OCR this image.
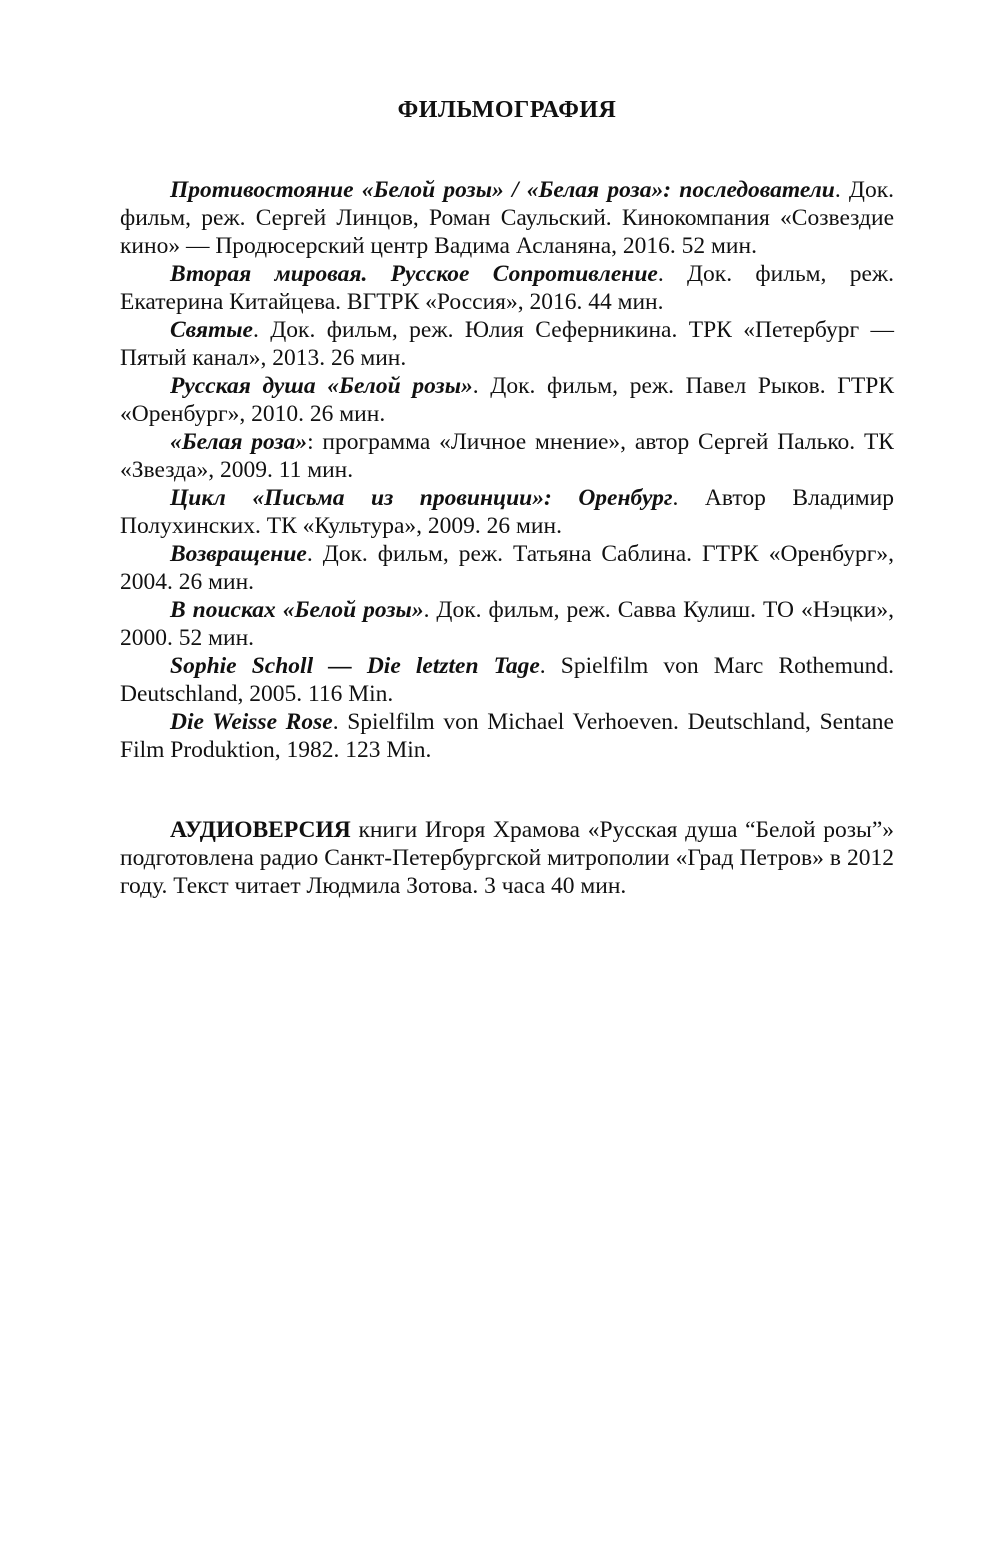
ФИЛЬМОГРАФИЯ

Противостояние «Белой розы» / «Белая роза»: последователи. Док. фильм, реж. Сергей Линцов, Роман Саульский. Кинокомпания «Созвездие кино» — Продюсерский центр Вадима Асланяна, 2016. 52 мин.

Вторая мировая. Русское Сопротивление. Док. фильм, реж. Екатерина Китайцева. ВГТРК «Россия», 2016. 44 мин.

Святые. Док. фильм, реж. Юлия Сеферникина. ТРК «Петербург — Пятый канал», 2013. 26 мин.

Русская душа «Белой розы». Док. фильм, реж. Павел Рыков. ГТРК «Оренбург», 2010. 26 мин.

«Белая роза»: программа «Личное мнение», автор Сергей Палько. ТК «Звезда», 2009. 11 мин.

Цикл «Письма из провинции»: Оренбург. Автор Владимир Полухинских. ТК «Культура», 2009. 26 мин.

Возвращение. Док. фильм, реж. Татьяна Саблина. ГТРК «Оренбург», 2004. 26 мин.

В поисках «Белой розы». Док. фильм, реж. Савва Кулиш. ТО «Нэцки», 2000. 52 мин.

Sophie Scholl — Die letzten Tage. Spielfilm von Marc Rothemund. Deutschland, 2005. 116 Min.

Die Weisse Rose. Spielfilm von Michael Verhoeven. Deutschland, Sentane Film Produktion, 1982. 123 Min.

АУДИОВЕРСИЯ книги Игоря Храмова «Русская душа “Белой розы”» подготовлена радио Санкт-Петербургской митрополии «Град Петров» в 2012 году. Текст читает Людмила Зотова. 3 часа 40 мин.
